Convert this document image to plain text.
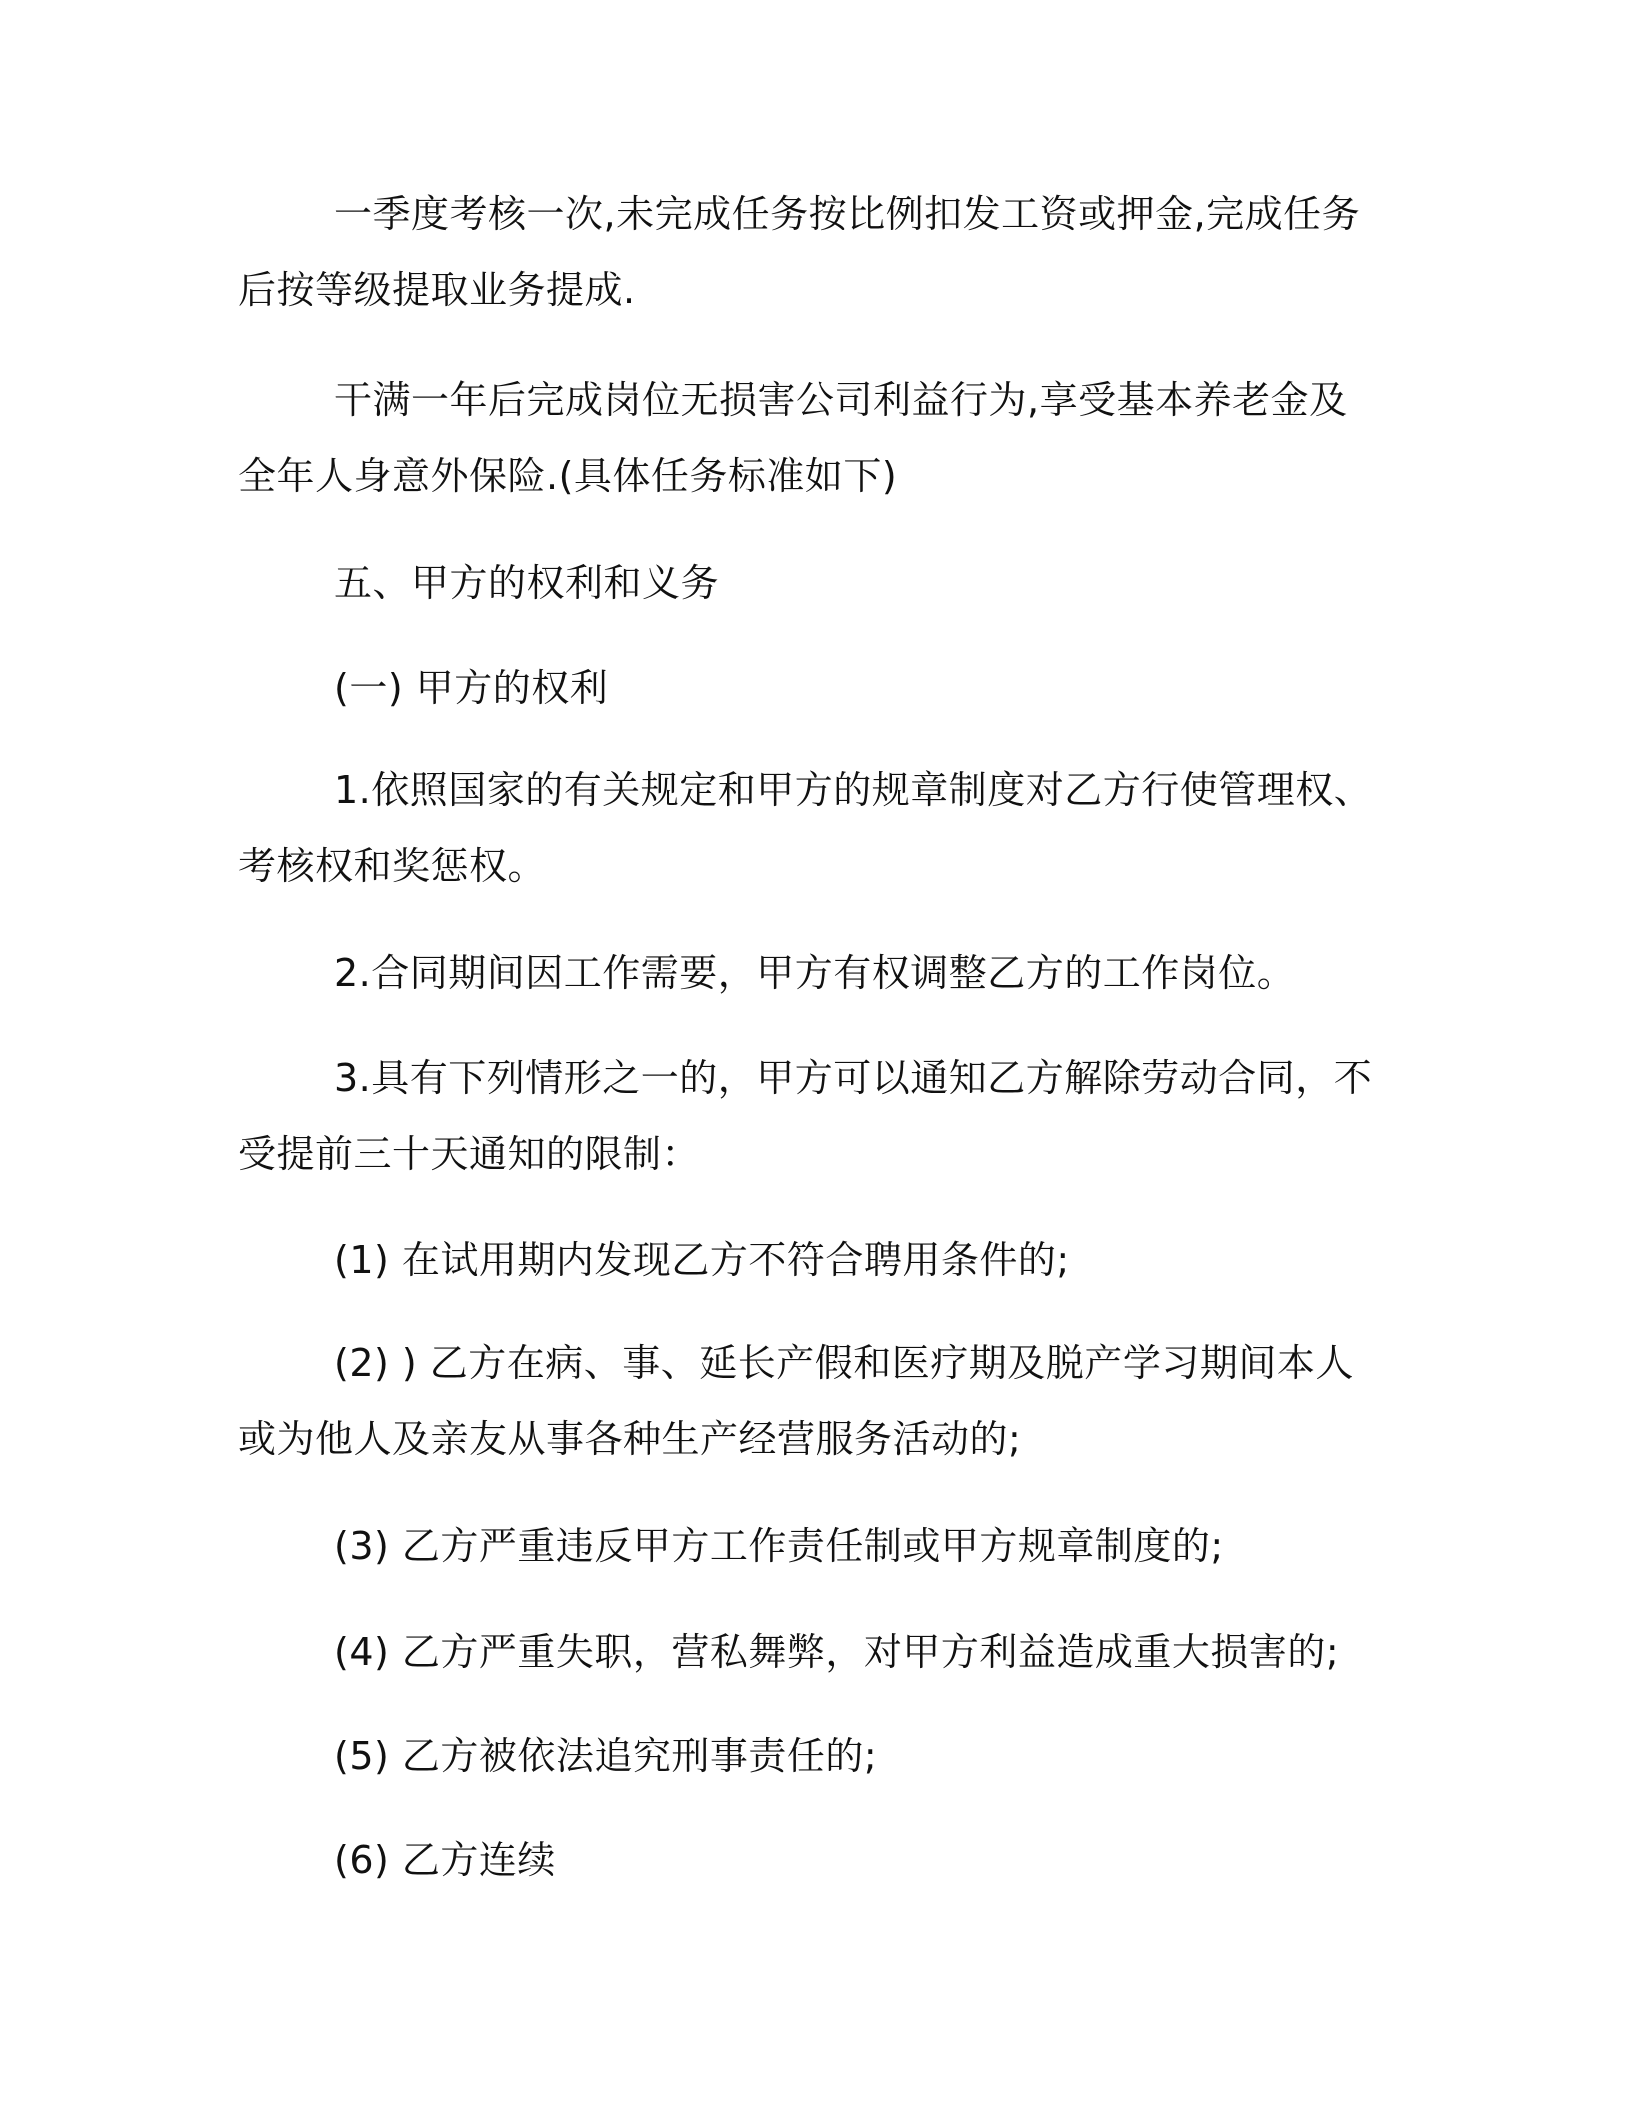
一季度考核一次,未完成任务按比例扣发工资或押金,完成任务后按等级提取业务提成.

干满一年后完成岗位无损害公司利益行为,享受基本养老金及全年人身意外保险.(具体任务标准如下)

五、甲方的权利和义务

(一) 甲方的权利

1.依照国家的有关规定和甲方的规章制度对乙方行使管理权、考核权和奖惩权。

2.合同期间因工作需要，甲方有权调整乙方的工作岗位。

3.具有下列情形之一的，甲方可以通知乙方解除劳动合同，不受提前三十天通知的限制：

(1) 在试用期内发现乙方不符合聘用条件的;

(2) ) 乙方在病、事、延长产假和医疗期及脱产学习期间本人或为他人及亲友从事各种生产经营服务活动的;

(3) 乙方严重违反甲方工作责任制或甲方规章制度的;

(4) 乙方严重失职，营私舞弊，对甲方利益造成重大损害的;

(5) 乙方被依法追究刑事责任的;

(6) 乙方连续
